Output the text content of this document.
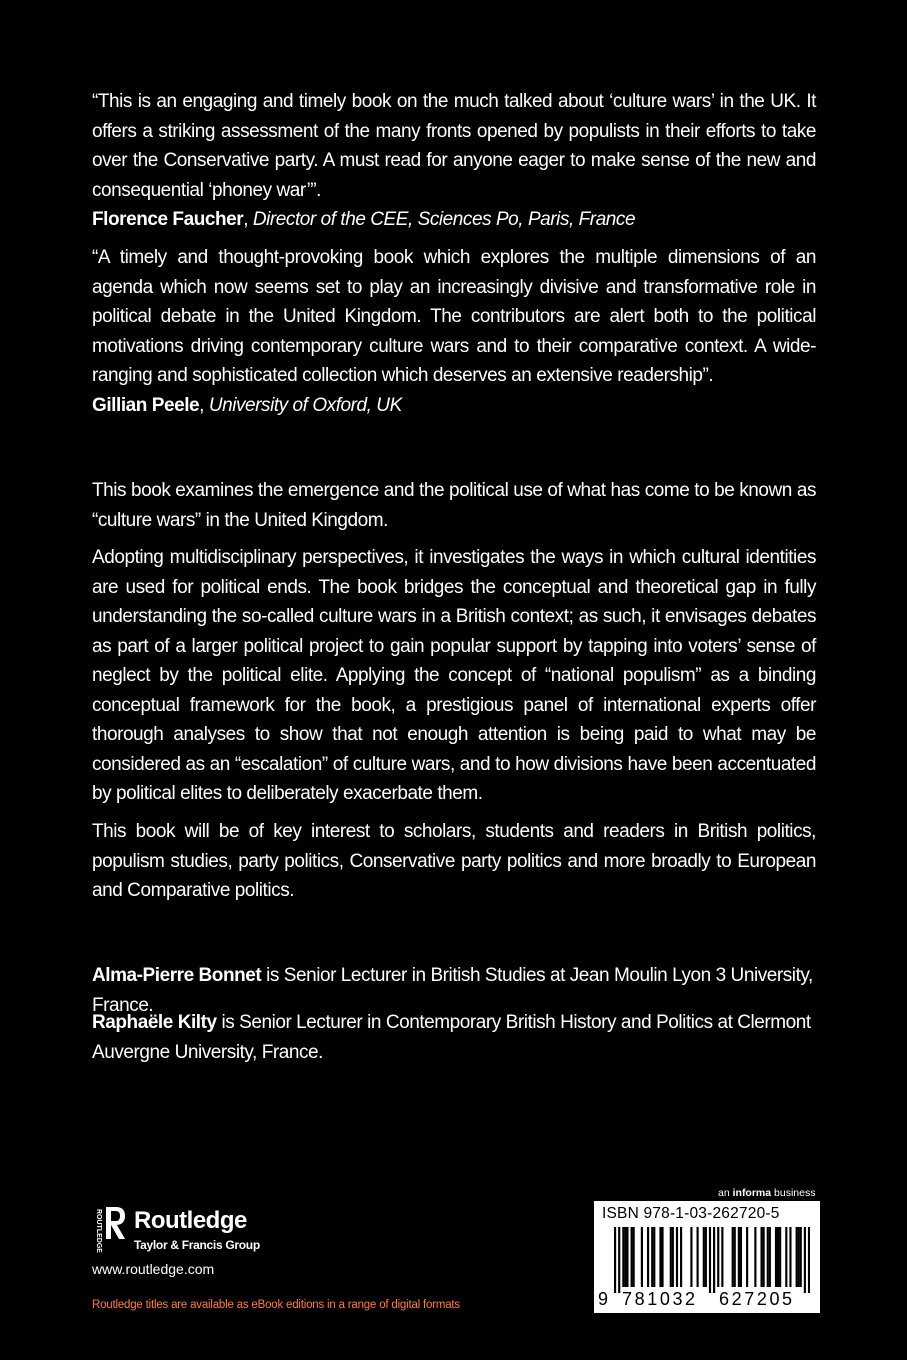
“This is an engaging and timely book on the much talked about ‘culture wars’ in the UK. It offers a striking assessment of the many fronts opened by populists in their efforts to take over the Conservative party. A must read for anyone eager to make sense of the new and consequential ‘phoney war’”.

Florence Faucher, Director of the CEE, Sciences Po, Paris, France

“A timely and thought-provoking book which explores the multiple dimensions of an agenda which now seems set to play an increasingly divisive and transformative role in political debate in the United Kingdom. The contributors are alert both to the political motivations driving contemporary culture wars and to their comparative context. A wide-ranging and sophisticated collection which deserves an extensive readership”.

Gillian Peele, University of Oxford, UK

This book examines the emergence and the political use of what has come to be known as “culture wars” in the United Kingdom.

Adopting multidisciplinary perspectives, it investigates the ways in which cultural identities are used for political ends. The book bridges the conceptual and theoretical gap in fully understanding the so-called culture wars in a British context; as such, it envisages debates as part of a larger political project to gain popular support by tapping into voters’ sense of neglect by the political elite. Applying the concept of “national populism” as a binding conceptual framework for the book, a prestigious panel of international experts offer thorough analyses to show that not enough attention is being paid to what may be considered as an “escalation” of culture wars, and to how divisions have been accentuated by political elites to deliberately exacerbate them.

This book will be of key interest to scholars, students and readers in British politics, populism studies, party politics, Conservative party politics and more broadly to European and Comparative politics.

Alma-Pierre Bonnet is Senior Lecturer in British Studies at Jean Moulin Lyon 3 University, France.

Raphaële Kilty is Senior Lecturer in Contemporary British History and Politics at Clermont Auvergne University, France.

ROUTLEDGE Routledge
Taylor & Francis Group
www.routledge.com
Routledge titles are available as eBook editions in a range of digital formats
an informa business
ISBN 978-1-03-262720-5
9 781032 627205
